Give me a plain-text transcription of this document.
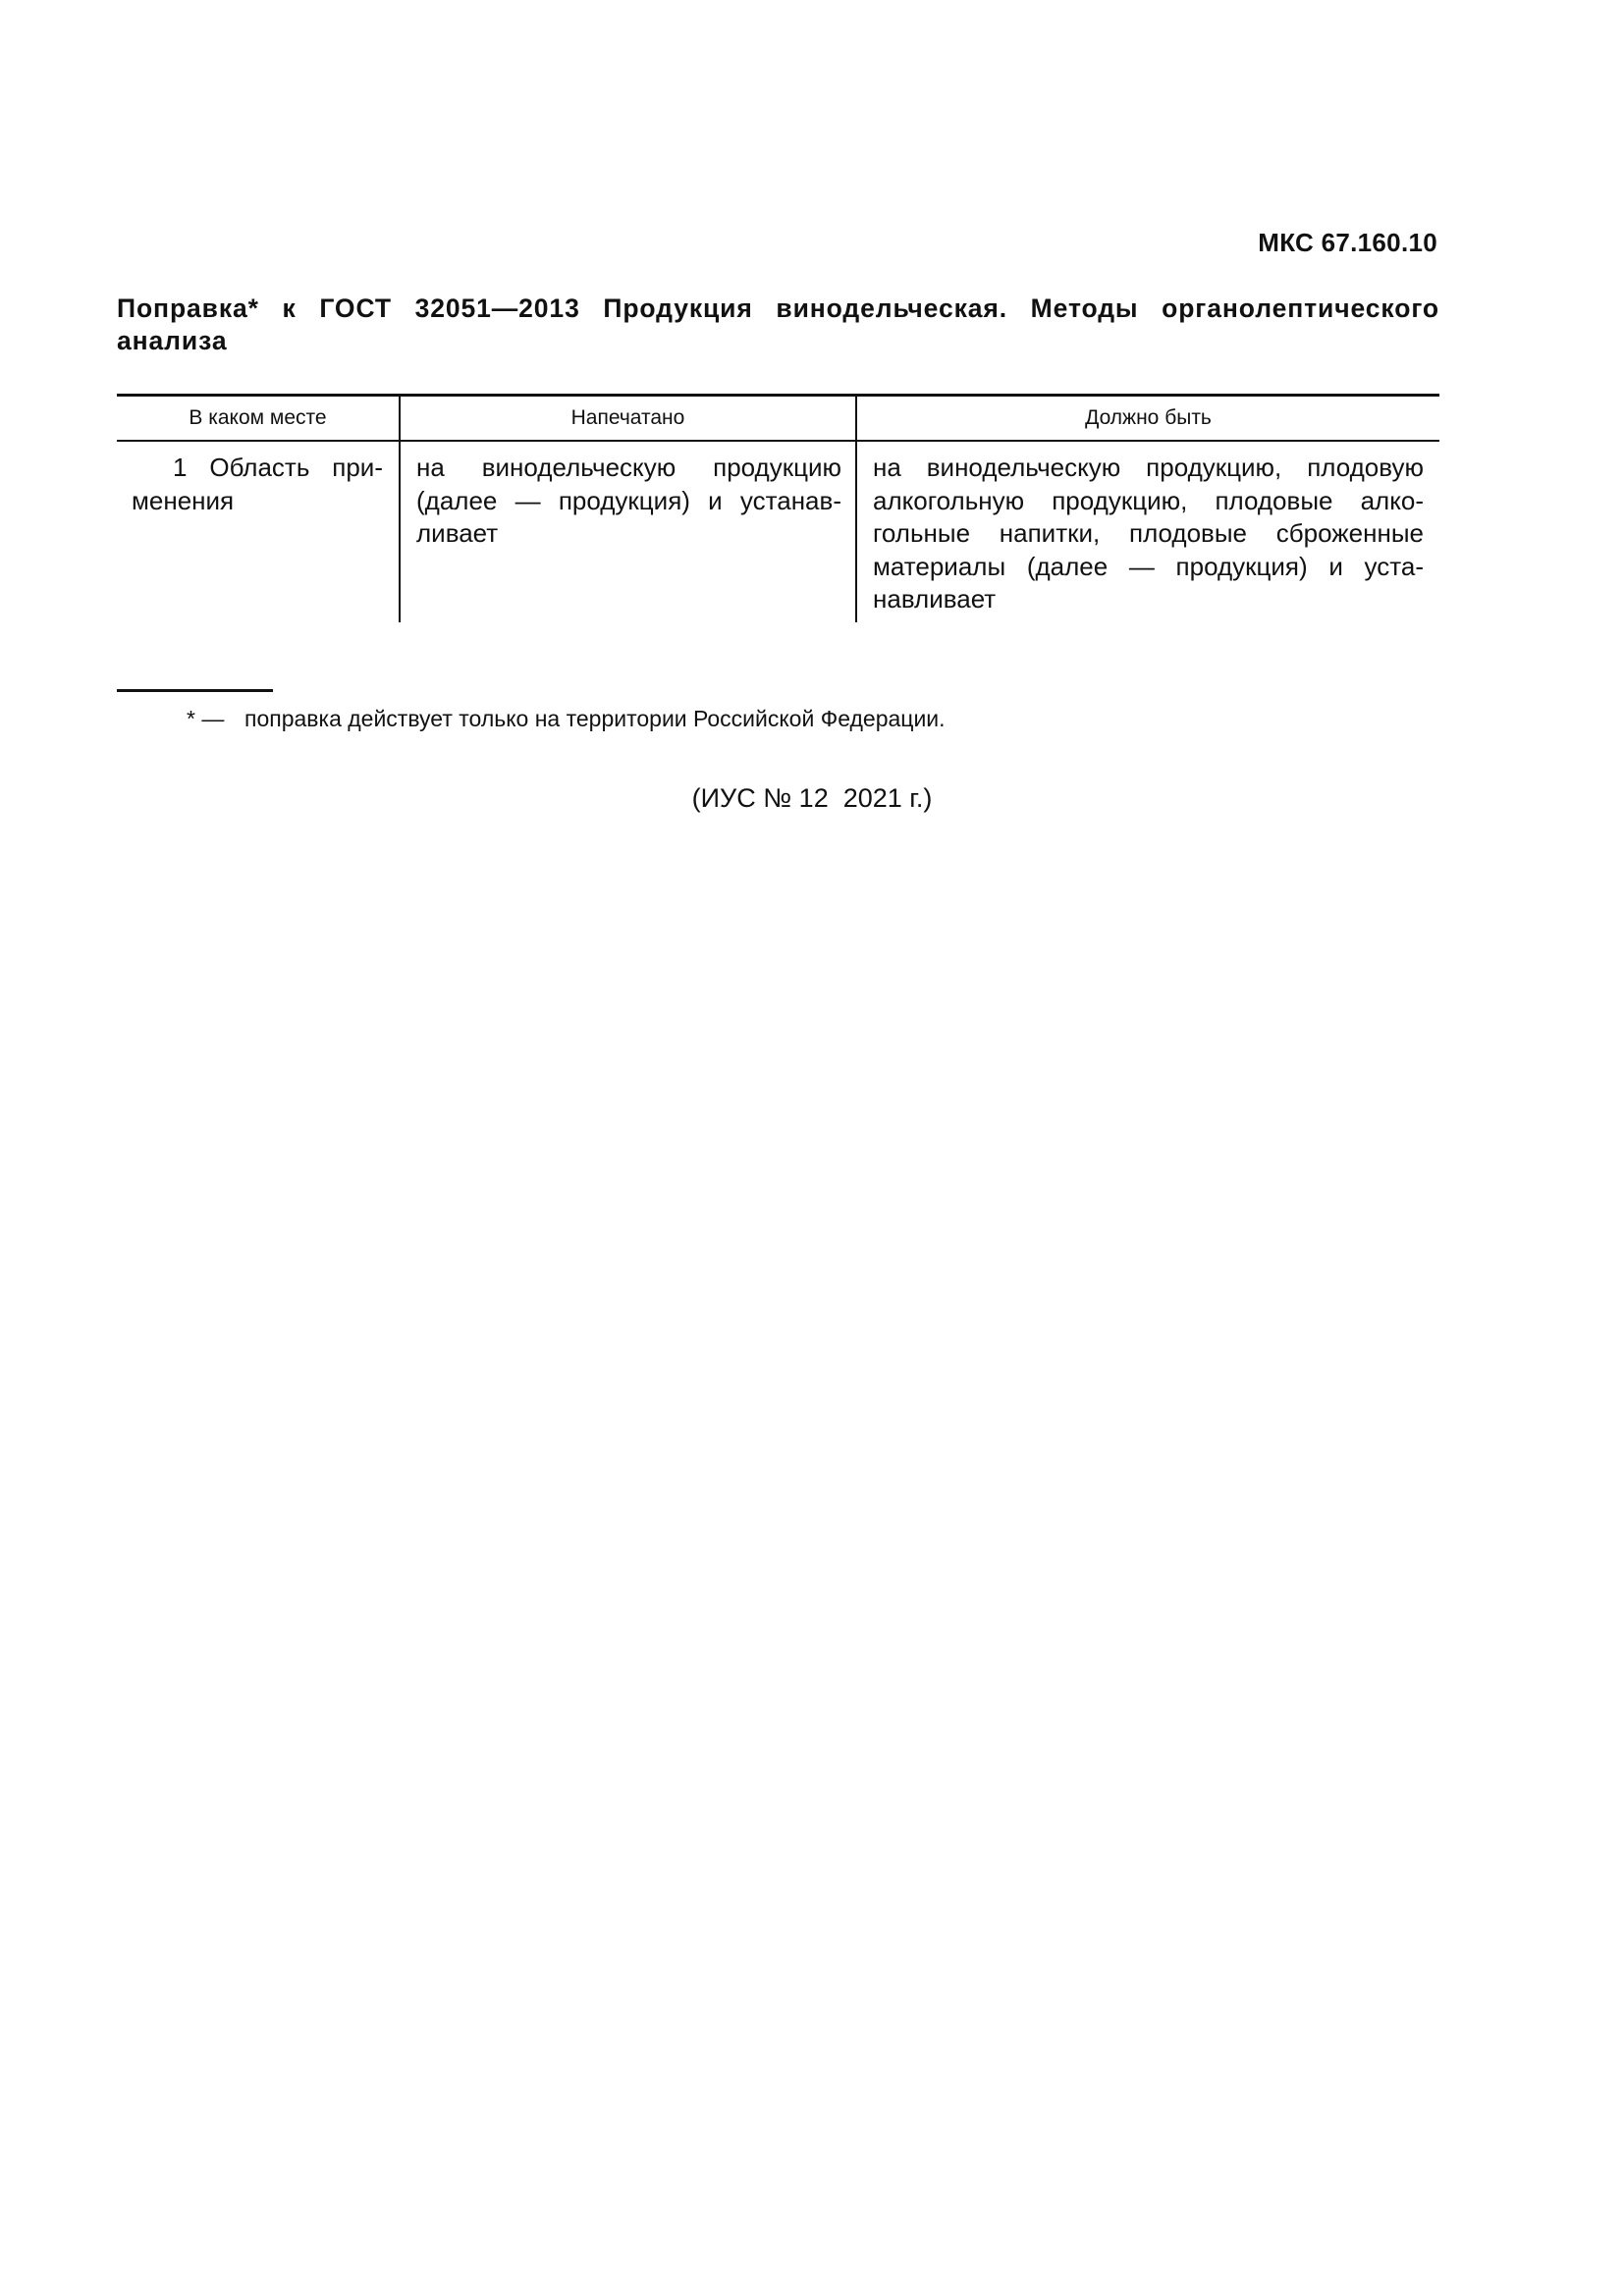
МКС 67.160.10
Поправка* к ГОСТ 32051—2013 Продукция винодельческая. Методы органолептического анализа
В каком месте	Напечатано	Должно быть
1 Область применения	на винодельческую продукцию (далее — продукция) и устанавливает	на винодельческую продукцию, плодовую алкогольную продукцию, плодовые алкогольные напитки, плодовые сброженные материалы (далее — продукция) и устанавливает
* — поправка действует только на территории Российской Федерации.
(ИУС № 12  2021 г.)
